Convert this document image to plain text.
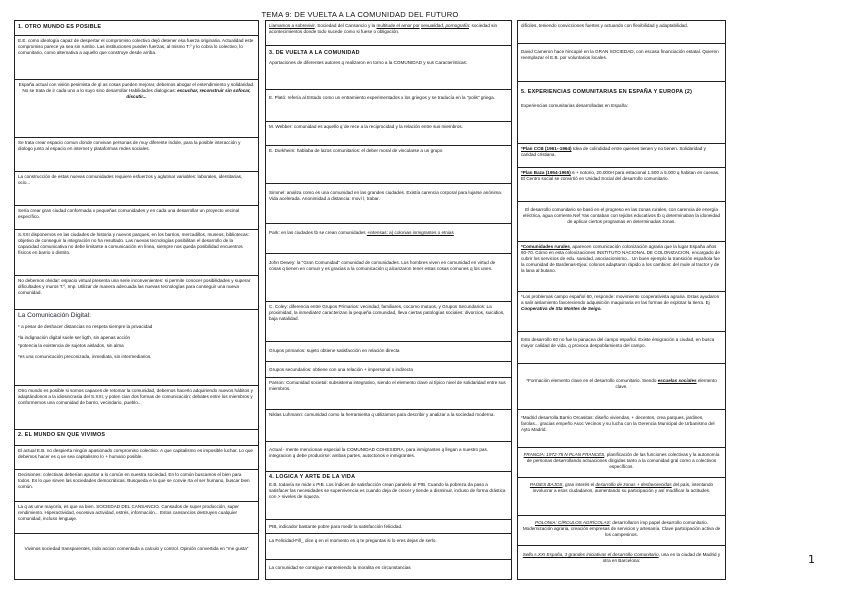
TEMA 9: DE VUELTA A LA COMUNIDAD DEL FUTURO
1. OTRO MUNDO ES POSIBLE

E.E. como ideología capaz de despertar el compromiso colectivo dejó detener esa fuerza originaria. Actualidad este compromiso parece ya sea sin rumbo. Las instituciones pueden fuerzas, al mismo T.º y lo cobra lo colectivo, lo comunitario, como alternativa a aquello que construye desde arriba.

España actual con visión pesimista de ql as cosas pueden mejorar, debemos abogar el entendimiento y solidaridad. No se trata de ir cada uno a lo suyo sino desarrollar Habilidades dialogicas: escuchar, reconstruir sin sofocar, discutir...

Se trata crear espacio comun donde convivan personas de muy diferente índole, para la posible interacción y diologo junto al espacio en internet y plataformas redes sociales.

La construcción de estas nuevas comunidades requiere esfuerzos y aglutinar variables: laborales, identitarias, ocio...

Sería crear gran ciudad conformada x pequeñas comunidades y en cada una desarrollar un proyecto vecinal específico.

S.XXI disponemos en las ciudades de historia y nuevos parques, en los barrios, mercadillos, museos, bibliotecas: objetivo de conseguir la integración no ha resultado. Las nuevas tecnologías posibilitan el desarrollo de la capacidad comunicativa no debe limitarse a comunicación en línea, siempre nos queda posibilidad encuentros físicos en barrio o distrito.

No debemos olvidar: espacio virtual presenta una serie inconvenientes: si permite conocer posibilidades y superar dificultades y muros T.º, Imp. Utilizar de manera adecuada las nuevas tecnologías para conseguir una nueva comunidad.

La Comunicación Digital:

* a pesar de deshacer distancias no respeta siempre la privacidad

*la indignación digital suele ser ligth, sin apenas acción

*potencia la existencia de sujetos aislados, sin alma

*es una comunicación preconizada, inmediata, sin intermediarios.

Otro mundo es posible si somos capaces de retomar la comunidad, debemos hacerlo adquiriendo nuevos hábitos y adaptándonos a la idiosincrasia del S.XXI, y poten cian dos formas de comunicación: debates entre los miembros y conformemos una comunidad de barrio, vecindario, pueblo...

2. EL MUNDO EN QUE VIVIMOS

El actual E.B. no despierta ningún apasionado compromiso colectivo. A que capitalismo es imposible luchar. Lo que debemos hacer es q ue sea capitalismo lo + humano posible.

Decisiones: colectivas deberían apuntar a lo común en nuestra sociedad. En lo común buscamos el bien para todos. Es lo que sirven las sociedades democráticas. Busqueda e la que se convie rta el ser humano, buscar bien común.

La q as ume mayoría, es que va bien. SOCIEDAD DEL CANSANCIO. Cansados de super producción, super rendimiento. Hiperactividad, excesiva actividad, estrés, información... Estos cansancios destruyen cualquier comunidad, incluso lenguaje.

Vivimos sociedad transparentes, todo accion comentada a calculo y control. Opinión convertida en "me gusta"

Llamamos a sobrevivir. Sociedad del Cansancio y la multitude el amor por sexualidad, pornografía: sociedad sin acontecimientos donde todo sucede como si fuese o obligación.

3. DE VUELTA A LA COMUNIDAD

Aportaciones de diferentes autores q realizaron en torno a la COMUNIDAD y sus Características:

E. Plató: refería al Estado como un entramiento experimentados x los griegos y se traducía en la "polis" griega.

M. Webber: comunidad es aquello q´de rece a la reciprocidad y la relación entre sus miembros.

E. Durkheim: hablaba de lazos comunitarios: el deber moral de vincularse a un grupo

Simmel: analiza como es una comunidad en las grandes ciudades. Existía carencia corporal para lujarse anónima. Vida acelerada. Anonimidad a distancia: moví l, trabar.

Park: en las ciudades tb se crean comunidades +intensas: a) colonias inmigrantes o etnias

John Dewey: la "Gran Comunidad" comunidad de comunidades. Los hombres viven en comunidad en virtud de cosas q tienen en comun y es gracias a la comunicación q alcanzaron tener estas cosas comunes q los unen.

C. Coley: diferencia entre Grupos Primarios: vecindad, familiares, cocomo mutuos, y Grupos Secundarios: La proximidad, la inmediatez caracterizan la pequeña comunidad, lleva ciertas patologías sociales: divorcios, suicidios, baja natalidad.

Grupos primarios: sujeto obtiene satisfacción en relación directa

Grupos secundarios: obtiene con una relación + impersonal o indirecta

Parson: Comunidad societal: subsistema integrativo, siendo el elemento clave al típico nivel de solidaridad entre sus miembros.

Niklas Luhmann: comunidad como la herramienta q utilizamos para describir y analizar a la sociedad moderna.

Actual - mente mencionan especial la COMUNIDAD COHESIDRA, para inmigrantes q llegan a nuestro pas. integracion q debe producirse: ambas partes, autoctonos e inmigrantes.

4. LOGICA Y ARTE DE LA VIDA

E.B. todavía se mide x PIB. Los índices de satisfacción crean paralelo al PIB. Cuando la pobreza da paso a satisfacer las necesidades se supervivencia es cuando deja de crecer y tiende a disminuir, incluso de forma drástica con > niveles de riqueza.

PIB, indicador bastante pobre para medir la satisfacción felicidad.

La Felicidad-Fill_ dice q en el momento en q te preguntas si lo eres dejas de serlo.

La comunidad se consigue manteniendo la moralita en circunstancias

difíciles, teniendo convicciones fuertes y actuando con flexibilidad y adaptabilidad.

David Cameron hace hincapié en la GRAN SOCIEDAD, con escasa financiación estatal. Quieren reemplazar el E.B. por voluntarios locales.

5. EXPERIENCIAS COMUNITARIAS EN ESPAÑA Y EUROPA (2)

Experiencias comunitarias desarrolladas en España:

*Plan CCB (1961--1964) Idea de colindidad entre quienes tienen y no tienen. Solidaridad y caridad cristiana.

*Plan Baza (1954-1965) 6 + notorio, 20.000H para estacional 1.500 a 5.000 q habitan en cuevas. El Centro social se convirtió en Unidad Social del desarrollo comunitario.

El desarrollo comunitario se basó en el progreso en las zonas rurales, con carencia de energía eléctrica, agua corriente.Nef Yas contaban con tejidos educativos tb q determinaban la idoneidad de aplicar ciertos programas en determinadas zonas.

*Comunidades rurales, aparecen comunicación colonización agraria que la lugar España años 60-70. Cómo en esta colonizaciones INSTITUTO NACIONAL DE COLONIZACION, encargado de cubrir los servicios de edu. sanidad, asociacionismo... Un buen ejemplo la transición española fue la comunidad de Bardenas-Ejea: colonos adaptaron rápido a los cambios: del mule al tractor y de la lana al butano.

*Los problemas campo español 60, responde: movimiento cooperativista agraria. Estas ayudaron a salir aislamiento favoreciendo adquisición maquinaria en las formas de explotar la tierra. Ej Cooperativa de Sta Montes de Seigo.

Esto desarrollo 60 no fue la panacea del campo español. Existe émigración a ciudad, en busca mayor calidad de vida, q provoca despoblamiento del campo.

*Formación elemento clave en el desarrollo comunitario. Siendo escuelas sociales elemento clave.

*Madrid desarrolla Barrio Orcasitas: diseño viviendas, + decentes, crea parques, jardines, farolas... gracias empeño Asoc Vecinos y su lucha con la Gerencia Municipal de Urbanismo del Ayto Madrid.

FRANCIA: 1972-75 N PLAN FRANCÉS, planificación de las funciones colectivas y la autonomía de personas desarrollando actuaciones dirigidas tanto a la comunidad gral como a colectivos específicos.

PAÍSES BAJOS, gran interés el desarrollo de zonas + desfavorecidas del país, intentando involucrar a esos ciudadanos, aumentando su participación y así modificar la actitudes.

POLONIA: CÍRCULOS AGRÍCOLAS: desarrollaron imp papel desarrollo comunitario. Modernización agraria, creación empresas de servicios y artesanía. Clave participación activa de los campesinos.

Sello s.XXI España, 3 grandes iniciativas el desarrollo Comunitario, una en la ciudad de Madrid y otra en Barcelona:	1
